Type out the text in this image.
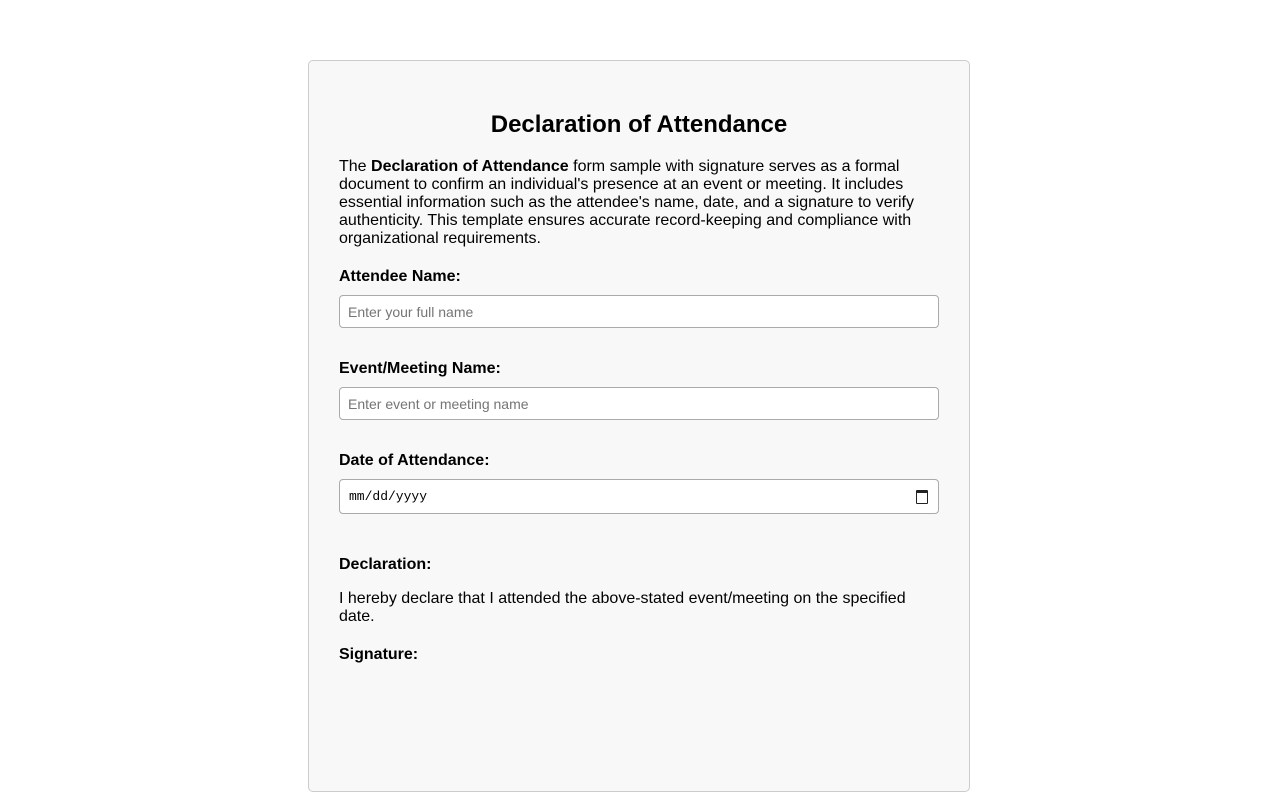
Declaration of Attendance

The Declaration of Attendance form sample with signature serves as a formal document to confirm an individual's presence at an event or meeting. It includes essential information such as the attendee's name, date, and a signature to verify authenticity. This template ensures accurate record-keeping and compliance with organizational requirements.

Attendee Name:
Enter your full name
Event/Meeting Name:
Enter event or meeting name
Date of Attendance:
mm/dd/yyyy
Declaration:

I hereby declare that I attended the above-stated event/meeting on the specified date.

Signature:
